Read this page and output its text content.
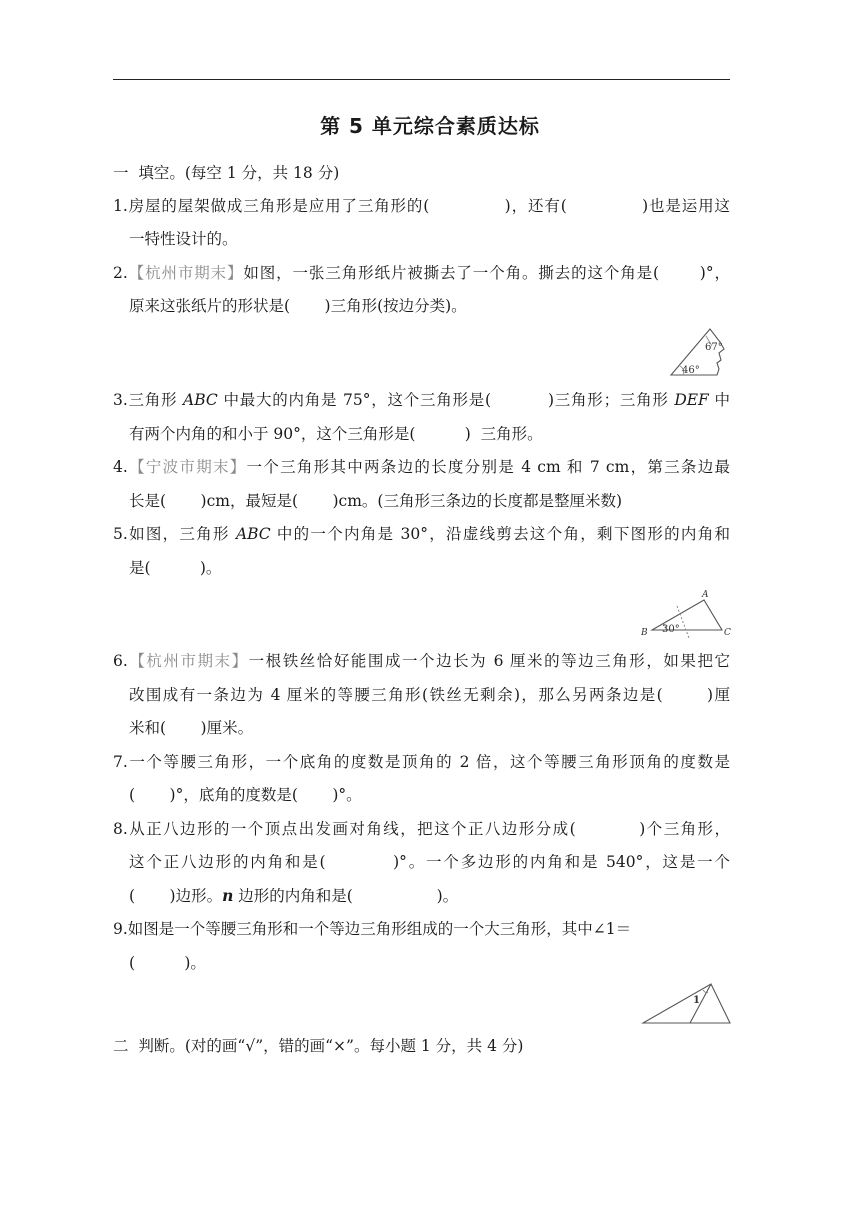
第 5 单元综合素质达标
一  填空。(每空 1 分，共 18 分)
1.房屋的屋架做成三角形是应用了三角形的(             )，还有(             )也是运用这
一特性设计的。
2.【杭州市期末】如图，一张三角形纸片被撕去了一个角。撕去的这个角是(       )°，
原来这张纸片的形状是(       )三角形(按边分类)。
67°
46°
3.三角形 ABC 中最大的内角是 75°，这个三角形是(          )三角形；三角形 DEF 中
有两个内角的和小于 90°，这个三角形是(          )  三角形。
4.【宁波市期末】一个三角形其中两条边的长度分别是 4 cm 和 7 cm，第三条边最
长是(       )cm，最短是(       )cm。(三角形三条边的长度都是整厘米数)
5.如图，三角形 ABC 中的一个内角是 30°，沿虚线剪去这个角，剩下图形的内角和
是(          )。
30°
A
B	C
6.【杭州市期末】一根铁丝恰好能围成一个边长为 6 厘米的等边三角形，如果把它
改围成有一条边为 4 厘米的等腰三角形(铁丝无剩余)，那么另两条边是(       )厘
米和(       )厘米。
7.一个等腰三角形，一个底角的度数是顶角的 2 倍，这个等腰三角形顶角的度数是
(       )°，底角的度数是(       )°。
8.从正八边形的一个顶点出发画对角线，把这个正八边形分成(          )个三角形，
这个正八边形的内角和是(          )°。一个多边形的内角和是 540°，这是一个
(       )边形。n 边形的内角和是(                 )。
9.如图是一个等腰三角形和一个等边三角形组成的一个大三角形，其中∠1＝
(          )。
1
二  判断。(对的画“√”，错的画“×”。每小题 1 分，共 4 分)
